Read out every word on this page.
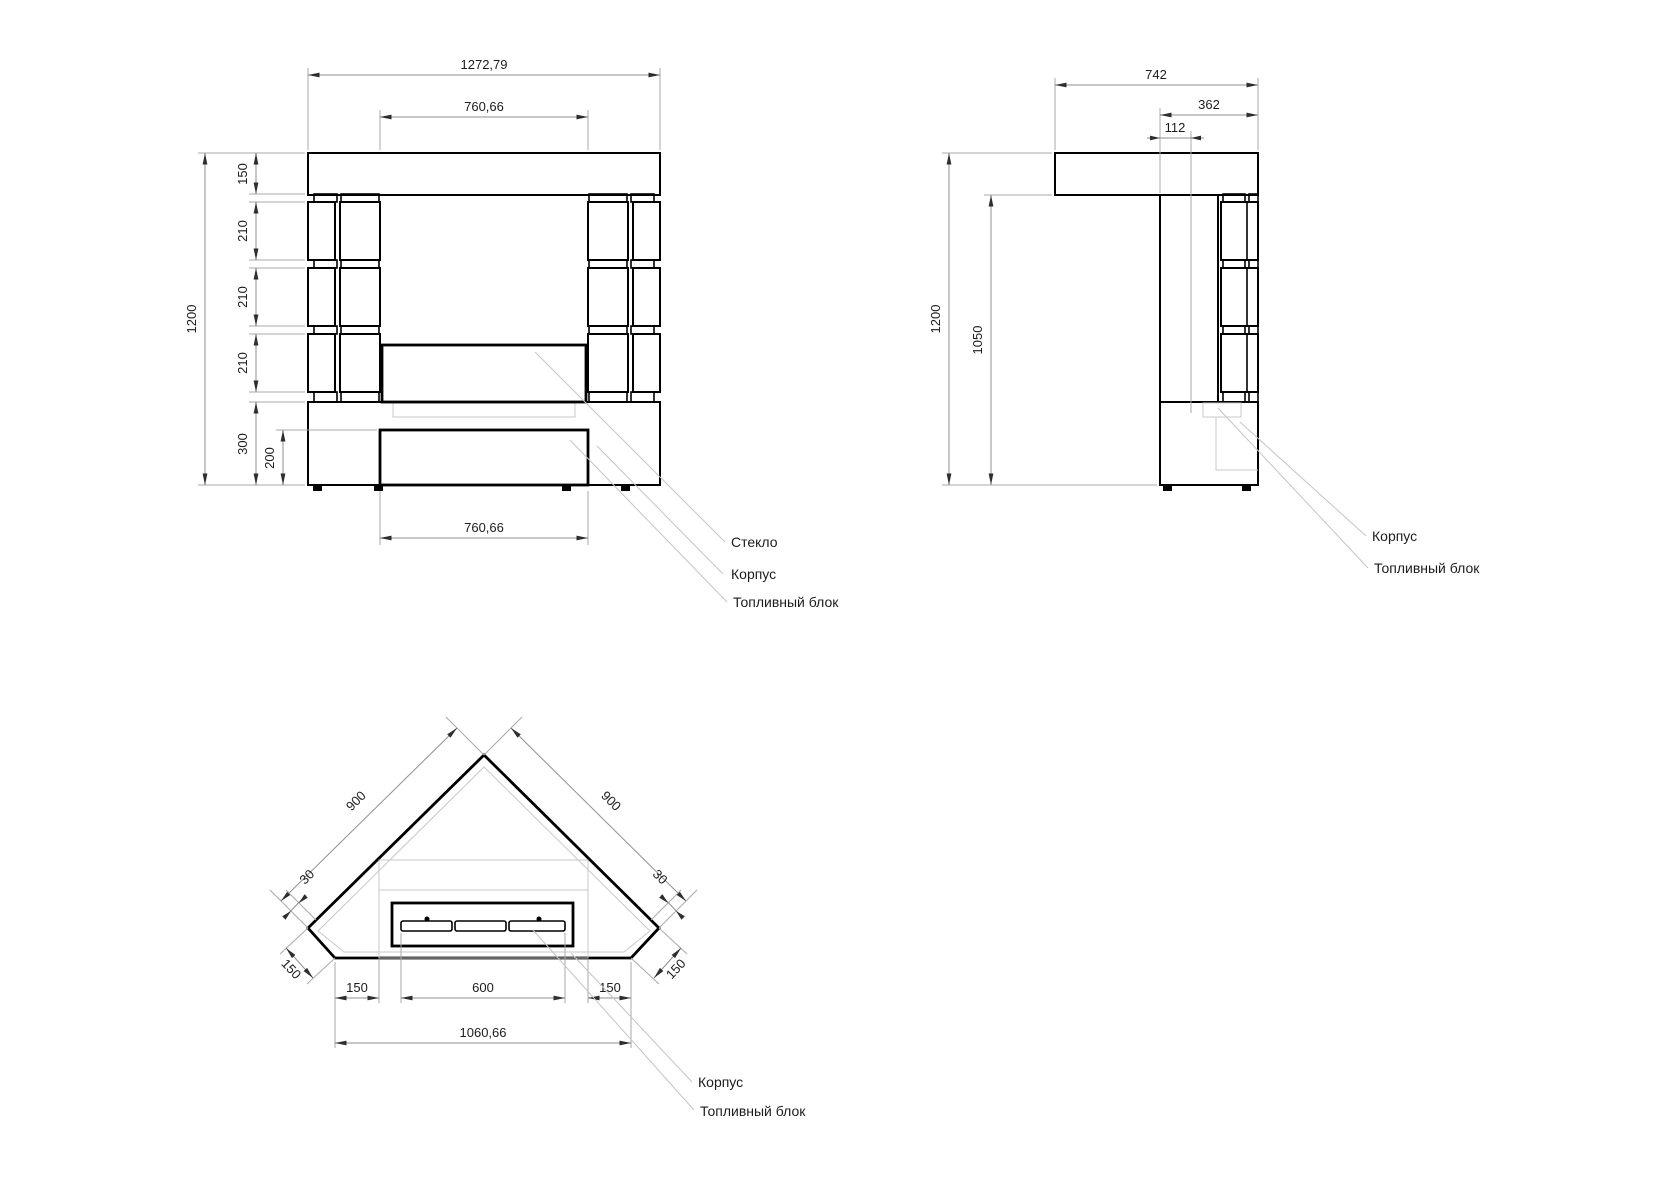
1272,79
760,66
1200
150
210
210
210
300
200
760,66
Стекло
Корпус
Топливный блок
742
362
112
1200
1050
Корпус
Топливный блок
900	900
30	30
150	150
150	600	150
1060,66
Корпус
Топливный блок
